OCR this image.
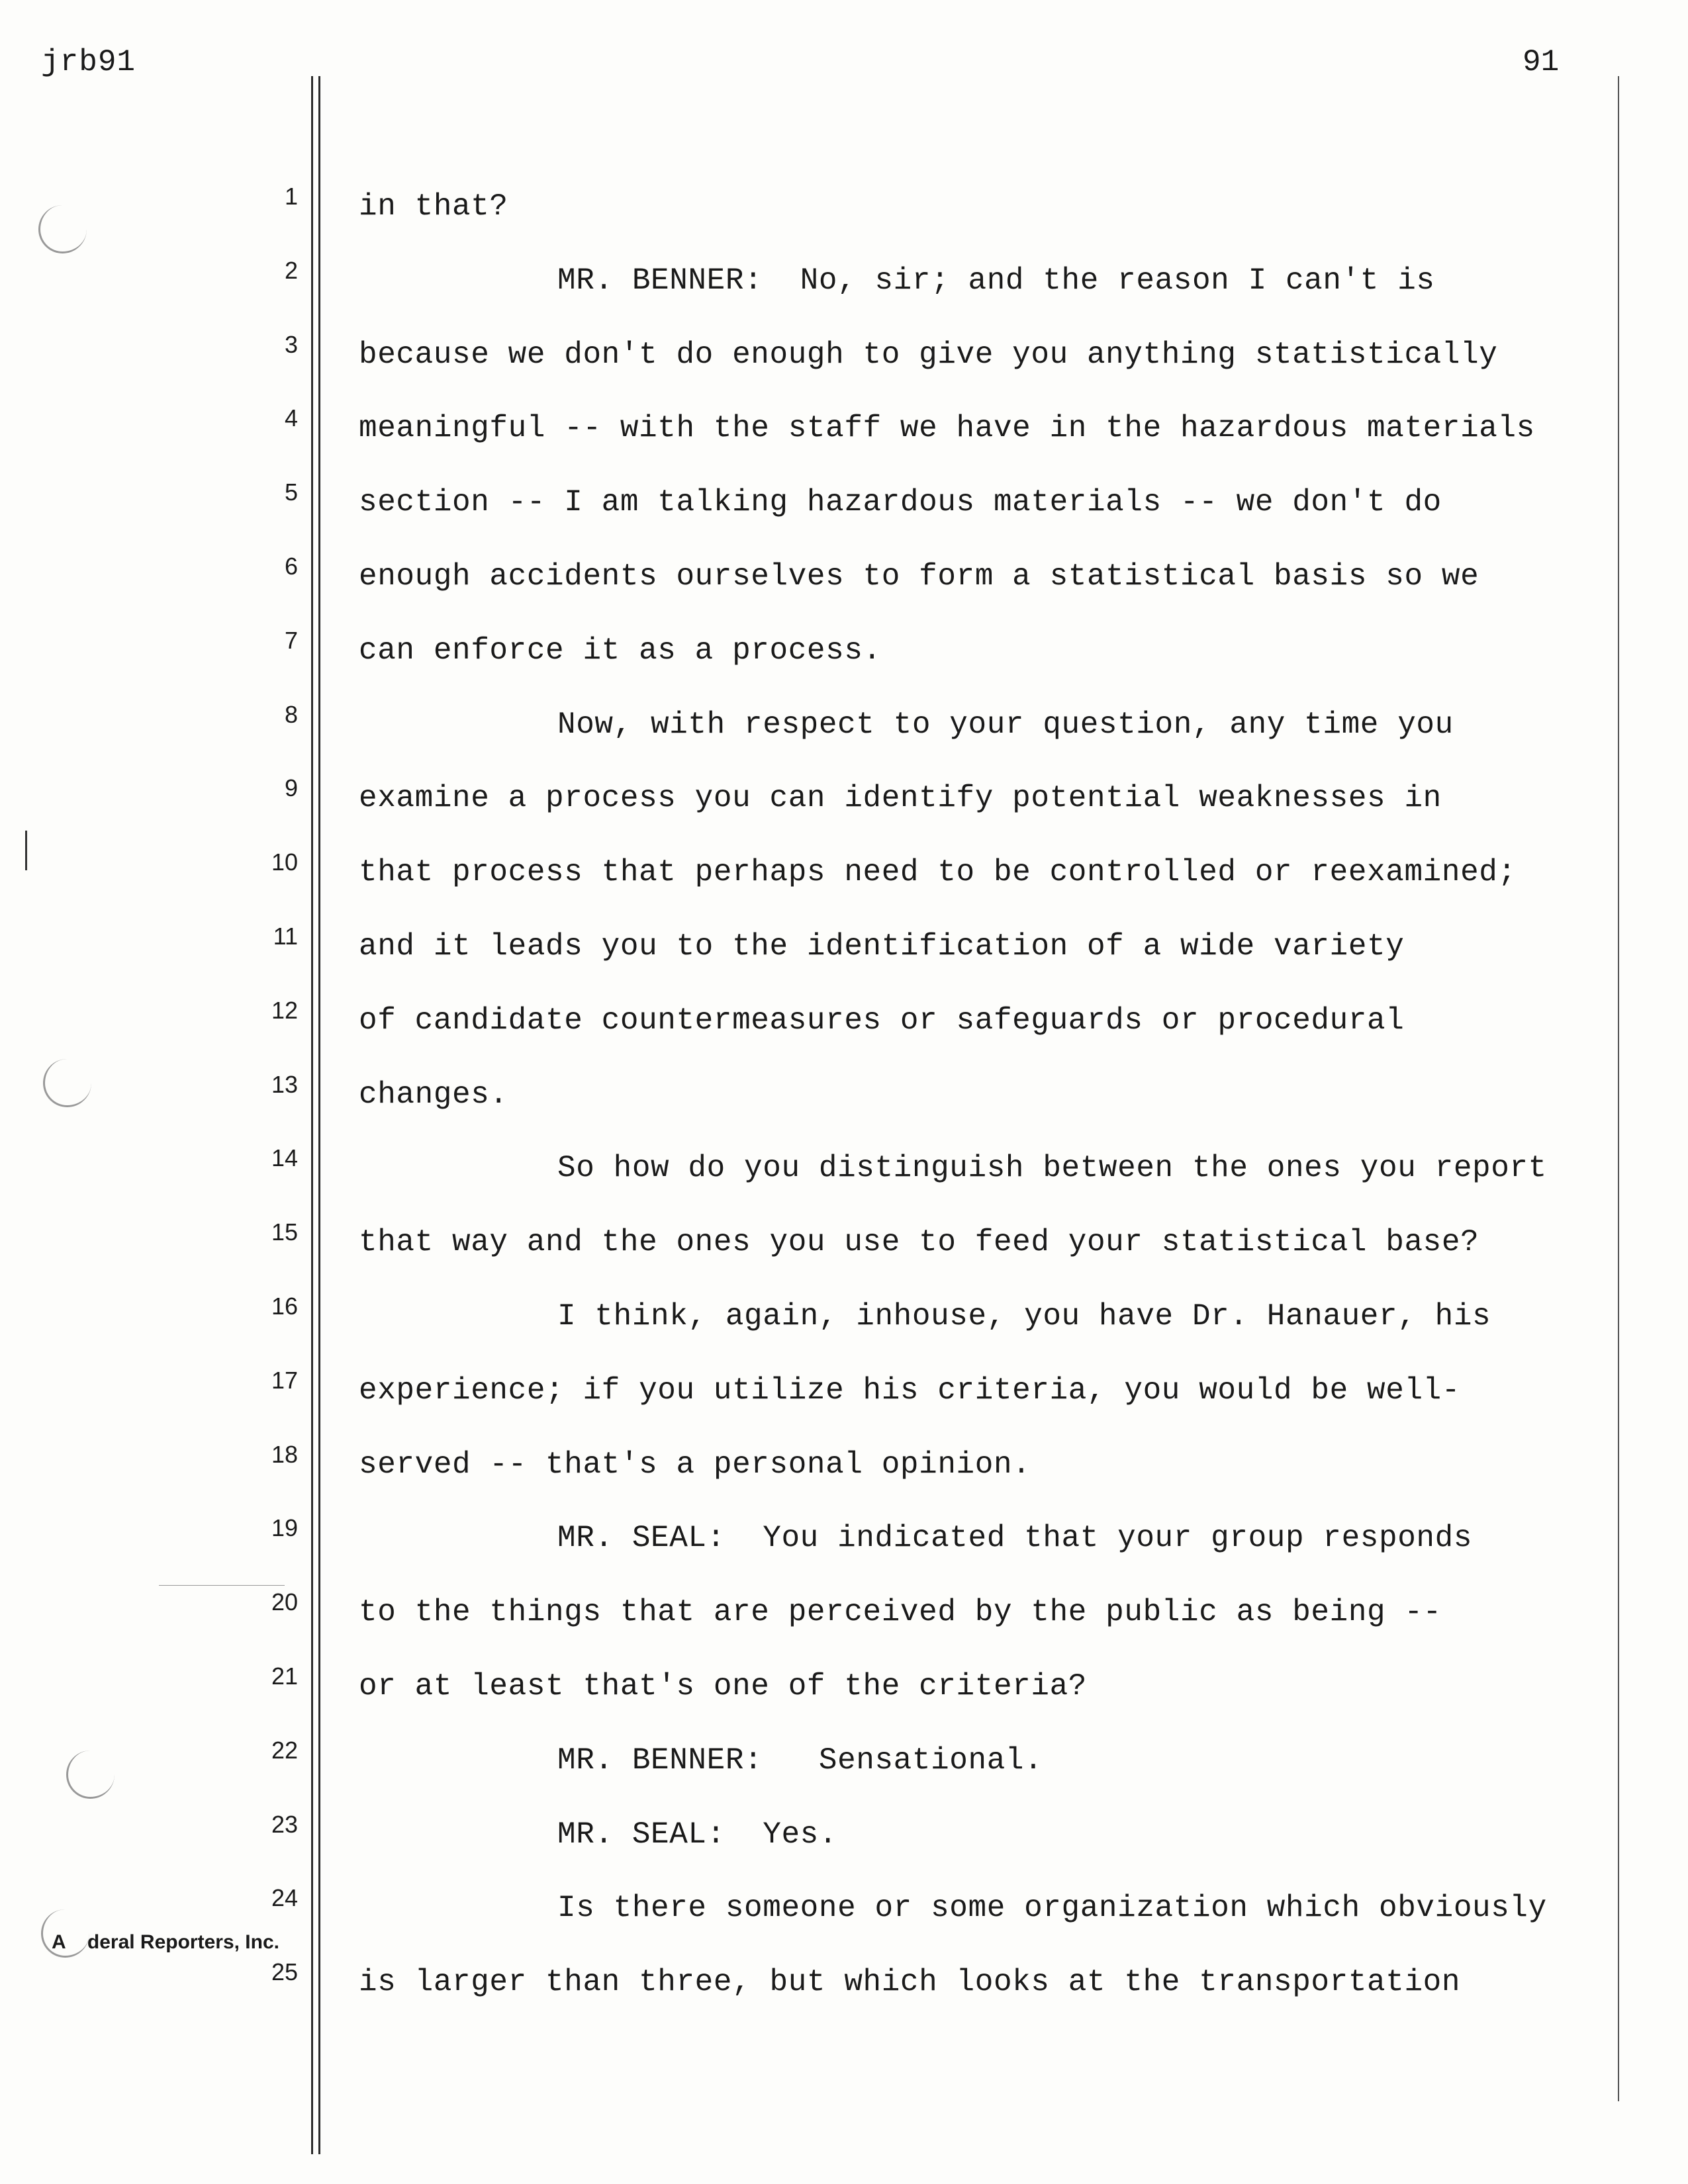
jrb91	91
1 in that?
2	MR. BENNER:  No, sir; and the reason I can't is
3 because we don't do enough to give you anything statistically
4 meaningful -- with the staff we have in the hazardous materials
5 section -- I am talking hazardous materials -- we don't do
6 enough accidents ourselves to form a statistical basis so we
7 can enforce it as a process.
8	Now, with respect to your question, any time you
9 examine a process you can identify potential weaknesses in
10 that process that perhaps need to be controlled or reexamined;
11 and it leads you to the identification of a wide variety
12 of candidate countermeasures or safeguards or procedural
13 changes.
14	So how do you distinguish between the ones you report
15 that way and the ones you use to feed your statistical base?
16	I think, again, inhouse, you have Dr. Hanauer, his
17 experience; if you utilize his criteria, you would be well-
18 served -- that's a personal opinion.
19	MR. SEAL:  You indicated that your group responds
20 to the things that are perceived by the public as being --
21 or at least that's one of the criteria?
22	MR. BENNER:   Sensational.
23	MR. SEAL:  Yes.
24	Is there someone or some organization which obviously
25 is larger than three, but which looks at the transportation
A    deral Reporters, Inc.
